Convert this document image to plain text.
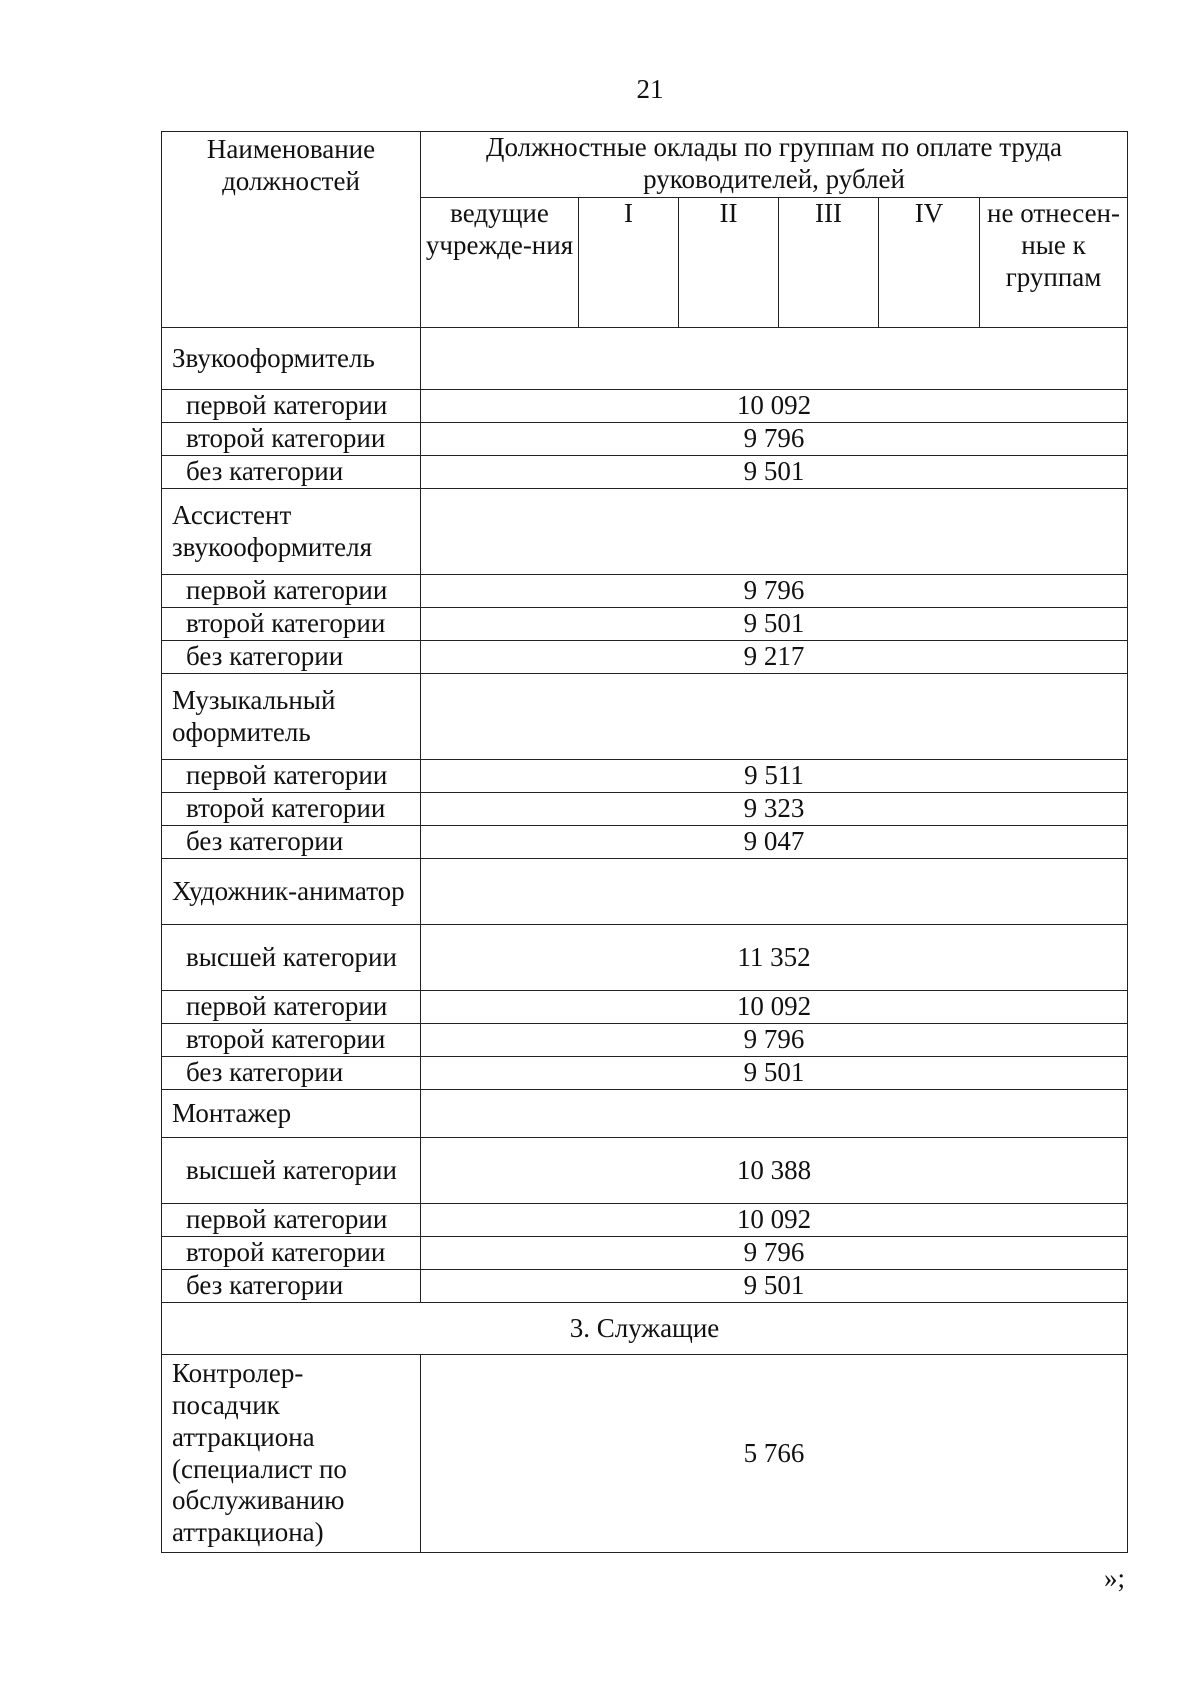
21
Наименование должностей	Должностные оклады по группам по оплате труда руководителей, рублей					
	ведущие учрежде-ния	I	II	III	IV	не отнесен-ные к группам
Звукооформитель						
первой категории	10 092					
второй категории	9 796					
без категории	9 501					
Ассистент звукооформителя						
первой категории	9 796					
второй категории	9 501					
без категории	9 217					
Музыкальный оформитель						
первой категории	9 511					
второй категории	9 323					
без категории	9 047					
Художник-аниматор						
высшей категории	11 352					
первой категории	10 092					
второй категории	9 796					
без категории	9 501					
Монтажер						
высшей категории	10 388					
первой категории	10 092					
второй категории	9 796					
без категории	9 501					
3. Служащие						
Контролер-посадчик аттракциона (специалист по обслуживанию аттракциона)	5 766					
»;
